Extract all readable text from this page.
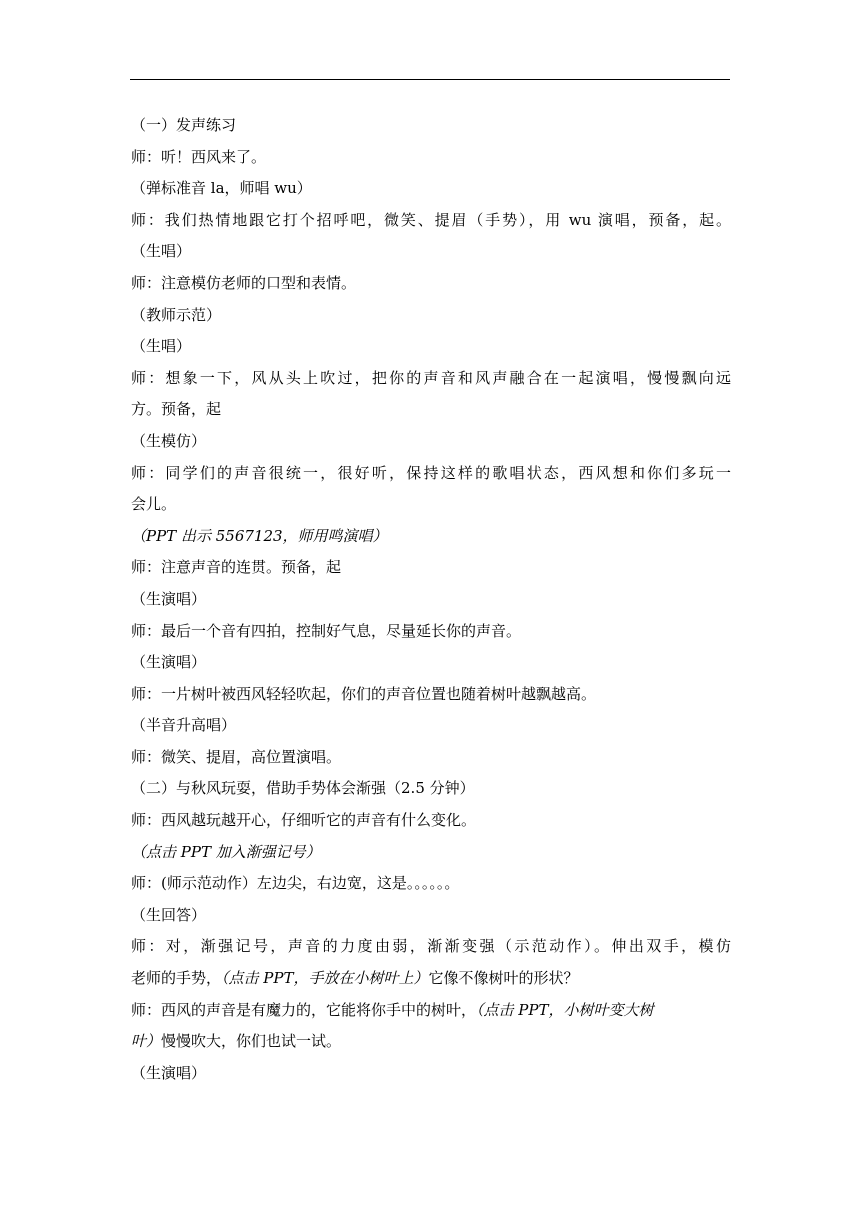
（一）发声练习
师：听！西风来了。
（弹标准音 la，师唱 wu）
师：我们热情地跟它打个招呼吧，微笑、提眉（手势），用 wu 演唱，预备，起。
（生唱）
师：注意模仿老师的口型和表情。
（教师示范）
（生唱）
师：想象一下，风从头上吹过，把你的声音和风声融合在一起演唱，慢慢飘向远
方。预备，起
（生模仿）
师：同学们的声音很统一，很好听，保持这样的歌唱状态，西风想和你们多玩一
会儿。
（PPT 出示 5567123，师用鸣演唱）
师：注意声音的连贯。预备，起
（生演唱）
师：最后一个音有四拍，控制好气息，尽量延长你的声音。
（生演唱）
师：一片树叶被西风轻轻吹起，你们的声音位置也随着树叶越飘越高。
（半音升高唱）
师：微笑、提眉，高位置演唱。
（二）与秋风玩耍，借助手势体会渐强（2.5 分钟）
师：西风越玩越开心，仔细听它的声音有什么变化。
（点击 PPT 加入渐强记号）
师：(师示范动作）左边尖，右边宽，这是。。。。。。
（生回答）
师：对，渐强记号，声音的力度由弱，渐渐变强（示范动作）。伸出双手，模仿
老师的手势，（点击 PPT，手放在小树叶上）它像不像树叶的形状？
师：西风的声音是有魔力的，它能将你手中的树叶，（点击 PPT，小树叶变大树
叶）慢慢吹大，你们也试一试。
（生演唱）
